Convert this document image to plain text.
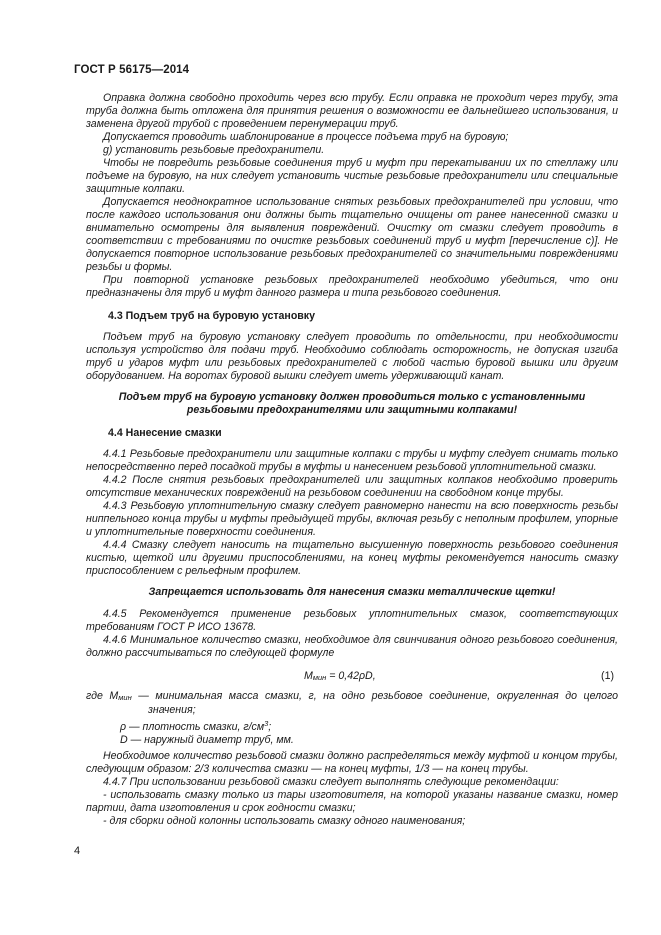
ГОСТ Р 56175—2014

Оправка должна свободно проходить через всю трубу. Если оправка не проходит через трубу, эта труба должна быть отложена для принятия решения о возможности ее дальнейшего использования, и заменена другой трубой с проведением перенумерации труб.

Допускается проводить шаблонирование в процессе подъема труб на буровую;

g) установить резьбовые предохранители.

Чтобы не повредить резьбовые соединения труб и муфт при перекатывании их по стеллажу или подъеме на буровую, на них следует установить чистые резьбовые предохранители или специальные защитные колпаки.

Допускается неоднократное использование снятых резьбовых предохранителей при условии, что после каждого использования они должны быть тщательно очищены от ранее нанесенной смазки и внимательно осмотрены для выявления повреждений. Очистку от смазки следует проводить в соответствии с требованиями по очистке резьбовых соединений труб и муфт [перечисление с)]. Не допускается повторное использование резьбовых предохранителей со значительными повреждениями резьбы и формы.

При повторной установке резьбовых предохранителей необходимо убедиться, что они предназначены для труб и муфт данного размера и типа резьбового соединения.

4.3 Подъем труб на буровую установку

Подъем труб на буровую установку следует проводить по отдельности, при необходимости используя устройство для подачи труб. Необходимо соблюдать осторожность, не допуская изгиба труб и ударов муфт или резьбовых предохранителей с любой частью буровой вышки или другим оборудованием. На воротах буровой вышки следует иметь удерживающий канат.

Подъем труб на буровую установку должен проводиться только с установленными
резьбовыми предохранителями или защитными колпаками!
4.4 Нанесение смазки

4.4.1 Резьбовые предохранители или защитные колпаки с трубы и муфту следует снимать только непосредственно перед посадкой трубы в муфты и нанесением резьбовой уплотнительной смазки.

4.4.2 После снятия резьбовых предохранителей или защитных колпаков необходимо проверить отсутствие механических повреждений на резьбовом соединении на свободном конце трубы.

4.4.3 Резьбовую уплотнительную смазку следует равномерно нанести на всю поверхность резьбы ниппельного конца трубы и муфты предыдущей трубы, включая резьбу с неполным профилем, упорные и уплотнительные поверхности соединения.

4.4.4 Смазку следует наносить на тщательно высушенную поверхность резьбового соединения кистью, щеткой или другими приспособлениями, на конец муфты рекомендуется наносить смазку приспособлением с рельефным профилем.

Запрещается использовать для нанесения смазки металлические щетки!

4.4.5 Рекомендуется применение резьбовых уплотнительных смазок, соответствующих требованиям ГОСТ Р ИСО 13678.

4.4.6 Минимальное количество смазки, необходимое для свинчивания одного резьбового соединения, должно рассчитываться по следующей формуле

$M_{мин} = 0,42\rho D$,	(1)

где $M_{мин}$ — минимальная масса смазки, г, на одно резьбовое соединение, округленная до целого значения;

ρ — плотность смазки, $г/см^3$;

D — наружный диаметр труб, мм.

Необходимое количество резьбовой смазки должно распределяться между муфтой и концом трубы, следующим образом: 2/3 количества смазки — на конец муфты, 1/3 — на конец трубы.

4.4.7 При использовании резьбовой смазки следует выполнять следующие рекомендации:

- использовать смазку только из тары изготовителя, на которой указаны название смазки, номер партии, дата изготовления и срок годности смазки;

- для сборки одной колонны использовать смазку одного наименования;

4
